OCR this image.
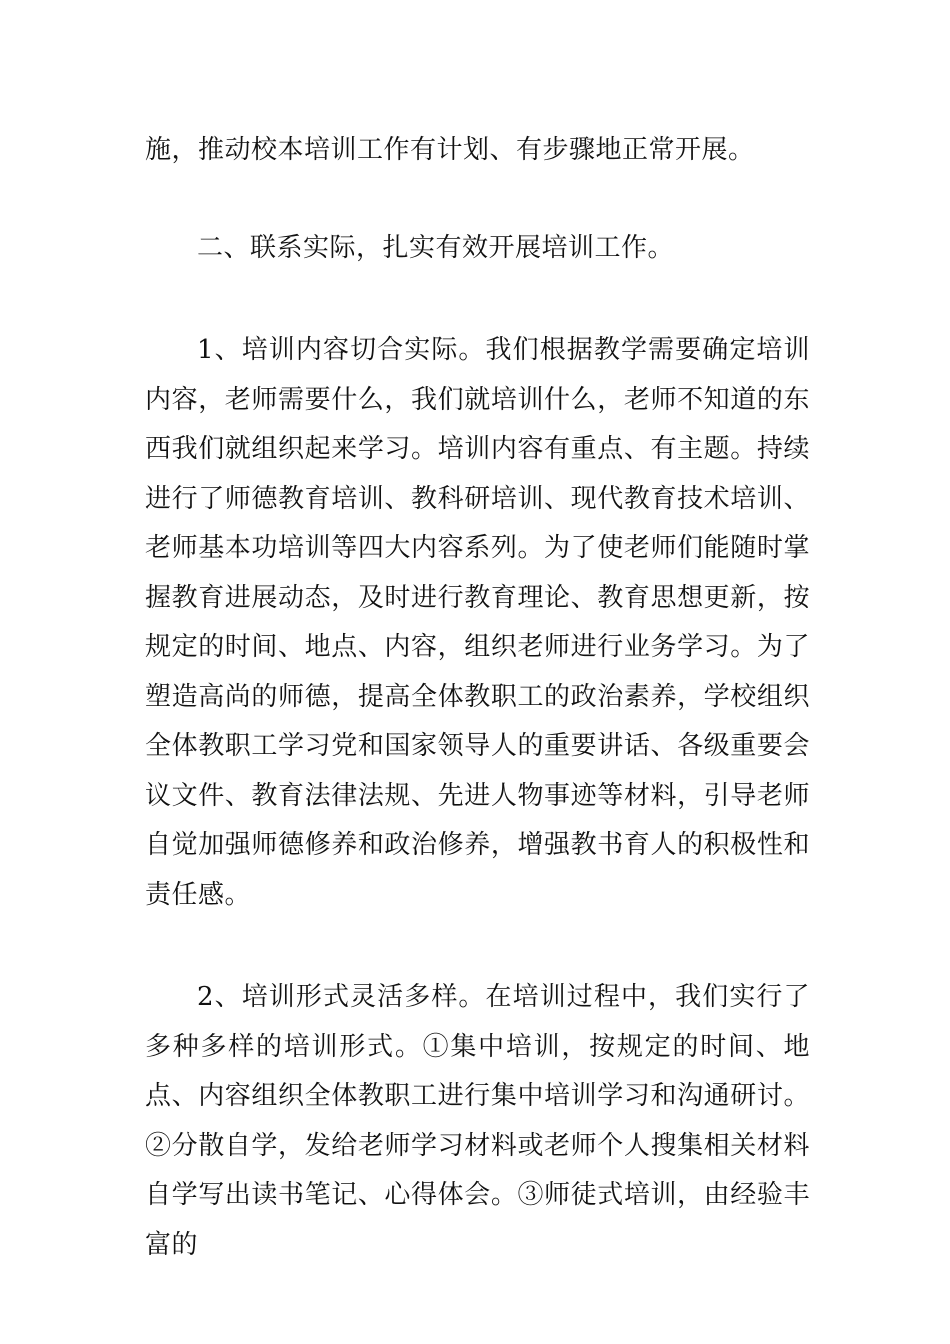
施，推动校本培训工作有计划、有步骤地正常开展。

二、联系实际，扎实有效开展培训工作。

1、培训内容切合实际。我们根据教学需要确定培训内容，老师需要什么，我们就培训什么，老师不知道的东西我们就组织起来学习。培训内容有重点、有主题。持续进行了师德教育培训、教科研培训、现代教育技术培训、老师基本功培训等四大内容系列。为了使老师们能随时掌握教育进展动态，及时进行教育理论、教育思想更新，按规定的时间、地点、内容，组织老师进行业务学习。为了塑造高尚的师德，提高全体教职工的政治素养，学校组织全体教职工学习党和国家领导人的重要讲话、各级重要会议文件、教育法律法规、先进人物事迹等材料，引导老师自觉加强师德修养和政治修养，增强教书育人的积极性和责任感。

2、培训形式灵活多样。在培训过程中，我们实行了多种多样的培训形式。①集中培训，按规定的时间、地点、内容组织全体教职工进行集中培训学习和沟通研讨。②分散自学，发给老师学习材料或老师个人搜集相关材料自学写出读书笔记、心得体会。③师徒式培训，由经验丰富的
